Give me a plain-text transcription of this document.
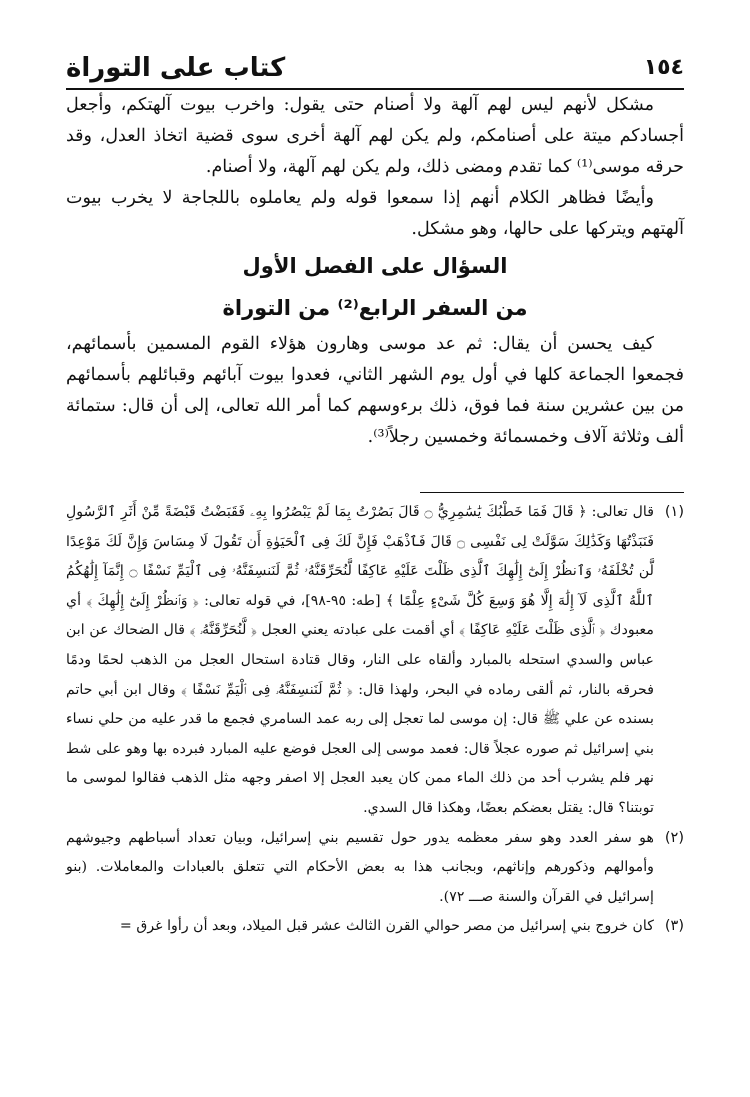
١٥٤
كتاب على التوراة

مشكل لأنهم ليس لهم آلهة ولا أصنام حتى يقول: واخرب بيوت آلهتكم، وأجعل أجسادكم ميتة على أصنامكم، ولم يكن لهم آلهة أخرى سوى قضية اتخاذ العدل، وقد حرقه موسى⁽¹⁾ كما تقدم ومضى ذلك، ولم يكن لهم آلهة، ولا أصنام.

وأيضًا فظاهر الكلام أنهم إذا سمعوا قوله ولم يعاملوه باللجاجة لا يخرب بيوت آلهتهم ويتركها على حالها، وهو مشكل.

السؤال على الفصل الأول
من السفر الرابع⁽²⁾ من التوراة

كيف يحسن أن يقال: ثم عد موسى وهارون هؤلاء القوم المسمين بأسمائهم، فجمعوا الجماعة كلها في أول يوم الشهر الثاني، فعدوا بيوت آبائهم وقبائلهم بأسمائهم من بين عشرين سنة فما فوق، ذلك برءوسهم كما أمر الله تعالى، إلى أن قال: ستمائة ألف وثلاثة آلاف وخمسمائة وخمسين رجلاً⁽³⁾.

(١)
قال تعالى: ﴿ قَالَ فَمَا خَطْبُكَ يَٰسَٰمِرِيُّ ۝ قَالَ بَصُرْتُ بِمَا لَمْ يَبْصُرُوا بِهِۦ فَقَبَضْتُ قَبْضَةً مِّنْ أَثَرِ ٱلرَّسُولِ فَنَبَذْتُهَا وَكَذَٰلِكَ سَوَّلَتْ لِى نَفْسِى ۝ قَالَ فَٱذْهَبْ فَإِنَّ لَكَ فِى ٱلْحَيَوٰةِ أَن تَقُولَ لَا مِسَاسَ وَإِنَّ لَكَ مَوْعِدًا لَّن تُخْلَفَهُۥ وَٱنظُرْ إِلَىٰٓ إِلَٰهِكَ ٱلَّذِى ظَلْتَ عَلَيْهِ عَاكِفًا لَّنُحَرِّقَنَّهُۥ ثُمَّ لَنَنسِفَنَّهُۥ فِى ٱلْيَمِّ نَسْفًا ۝ إِنَّمَآ إِلَٰهُكُمُ ٱللَّهُ ٱلَّذِى لَآ إِلَٰهَ إِلَّا هُوَ وَسِعَ كُلَّ شَىْءٍ عِلْمًا ﴾ [طه: ٩٥-٩٨]، في قوله تعالى: ﴿ وَٱنظُرْ إِلَىٰٓ إِلَٰهِكَ ﴾ أي معبودك ﴿ ٱلَّذِى ظَلْتَ عَلَيْهِ عَاكِفًا ﴾ أي أقمت على عبادته يعني العجل ﴿ لَّنُحَرِّقَنَّهُۥ ﴾ قال الضحاك عن ابن عباس والسدي استحله بالمبارد وألقاه على النار، وقال قتادة استحال العجل من الذهب لحمًا ودمًا فحرقه بالنار، ثم ألقى رماده في البحر، ولهذا قال: ﴿ ثُمَّ لَنَنسِفَنَّهُۥ فِى ٱلْيَمِّ نَسْفًا ﴾ وقال ابن أبي حاتم بسنده عن علي ﷺ قال: إن موسى لما تعجل إلى ربه عمد السامري فجمع ما قدر عليه من حلي نساء بني إسرائيل ثم صوره عجلاً قال: فعمد موسى إلى العجل فوضع عليه المبارد فبرده بها وهو على شط نهر فلم يشرب أحد من ذلك الماء ممن كان يعبد العجل إلا اصفر وجهه مثل الذهب فقالوا لموسى ما توبتنا؟ قال: يقتل بعضكم بعضًا، وهكذا قال السدي.
(٢)
هو سفر العدد وهو سفر معظمه يدور حول تقسيم بني إسرائيل، وبيان تعداد أسباطهم وجيوشهم وأموالهم وذكورهم وإناثهم، وبجانب هذا به بعض الأحكام التي تتعلق بالعبادات والمعاملات. (بنو إسرائيل في القرآن والسنة صـــ ٧٢).
(٣)
كان خروج بني إسرائيل من مصر حوالي القرن الثالث عشر قبل الميلاد، وبعد أن رأوا غرق =
